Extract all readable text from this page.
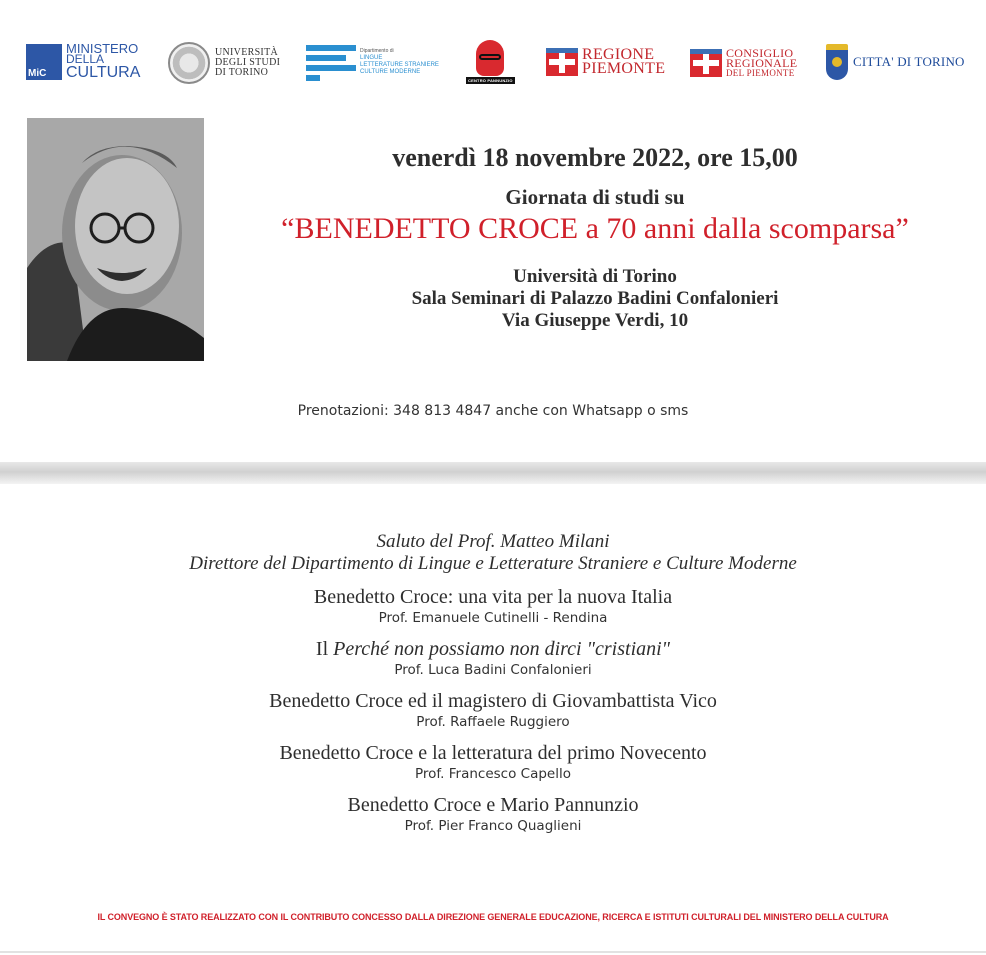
MiC
MINISTERO
DELLA
CULTURA
UNIVERSITÀ
DEGLI STUDI
DI TORINO
Dipartimento di
LINGUE
LETTERATURE STRANIERE
CULTURE MODERNE
CENTRO PANNUNZIO
REGIONE
PIEMONTE
CONSIGLIO
REGIONALE
DEL PIEMONTE
CITTA' DI TORINO
venerdì 18 novembre 2022, ore 15,00
Giornata di studi su
“BENEDETTO CROCE a 70 anni dalla scomparsa”
Università di Torino
Sala Seminari di Palazzo Badini Confalonieri
Via Giuseppe Verdi, 10
Prenotazioni: 348 813 4847 anche con Whatsapp o sms
Saluto del Prof. Matteo Milani
Direttore del Dipartimento di Lingue e Letterature Straniere e Culture Moderne
Benedetto Croce: una vita per la nuova Italia
Prof. Emanuele Cutinelli - Rendina
Il Perché non possiamo non dirci "cristiani"
Prof. Luca Badini Confalonieri
Benedetto Croce ed il magistero di Giovambattista Vico
Prof. Raffaele Ruggiero
Benedetto Croce e la letteratura del primo Novecento
Prof. Francesco Capello
Benedetto Croce e Mario Pannunzio
Prof. Pier Franco Quaglieni
IL CONVEGNO È STATO REALIZZATO CON IL CONTRIBUTO CONCESSO DALLA DIREZIONE GENERALE EDUCAZIONE, RICERCA E ISTITUTI CULTURALI DEL MINISTERO DELLA CULTURA
